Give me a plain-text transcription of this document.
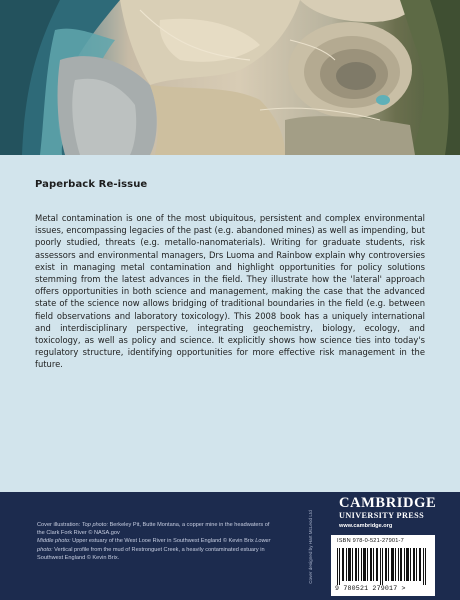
Paperback Re-issue

Metal contamination is one of the most ubiquitous, persistent and complex environmental issues, encompassing legacies of the past (e.g. abandoned mines) as well as impending, but poorly studied, threats (e.g. metallo-nanomaterials). Writing for graduate students, risk assessors and environmental managers, Drs Luoma and Rainbow explain why controversies exist in managing metal contamination and highlight opportunities for policy solutions stemming from the latest advances in the field. They illustrate how the 'lateral' approach offers opportunities in both science and management, making the case that the advanced state of the science now allows bridging of traditional boundaries in the field (e.g. between field observations and laboratory toxicology). This 2008 book has a uniquely international and interdisciplinary perspective, integrating geochemistry, biology, ecology, and toxicology, as well as policy and science. It explicitly shows how science ties into today's regulatory structure, identifying opportunities for more effective risk management in the future.

Cover illustration: Top photo: Berkeley Pit, Butte Montana, a copper mine in the headwaters of the Clark Fork River © NASA.gov
Middle photo: Upper estuary of the West Looe River in Southwest England © Kevin Brix Lower photo: Vertical profile from the mud of Restronguet Creek, a heavily contaminated estuary in Southwest England © Kevin Brix.	Cover designed by Hart McLeod Ltd
CAMBRIDGE
UNIVERSITY PRESS
www.cambridge.org
ISBN 978-0-521-27901-7
9 780521 279017 >
